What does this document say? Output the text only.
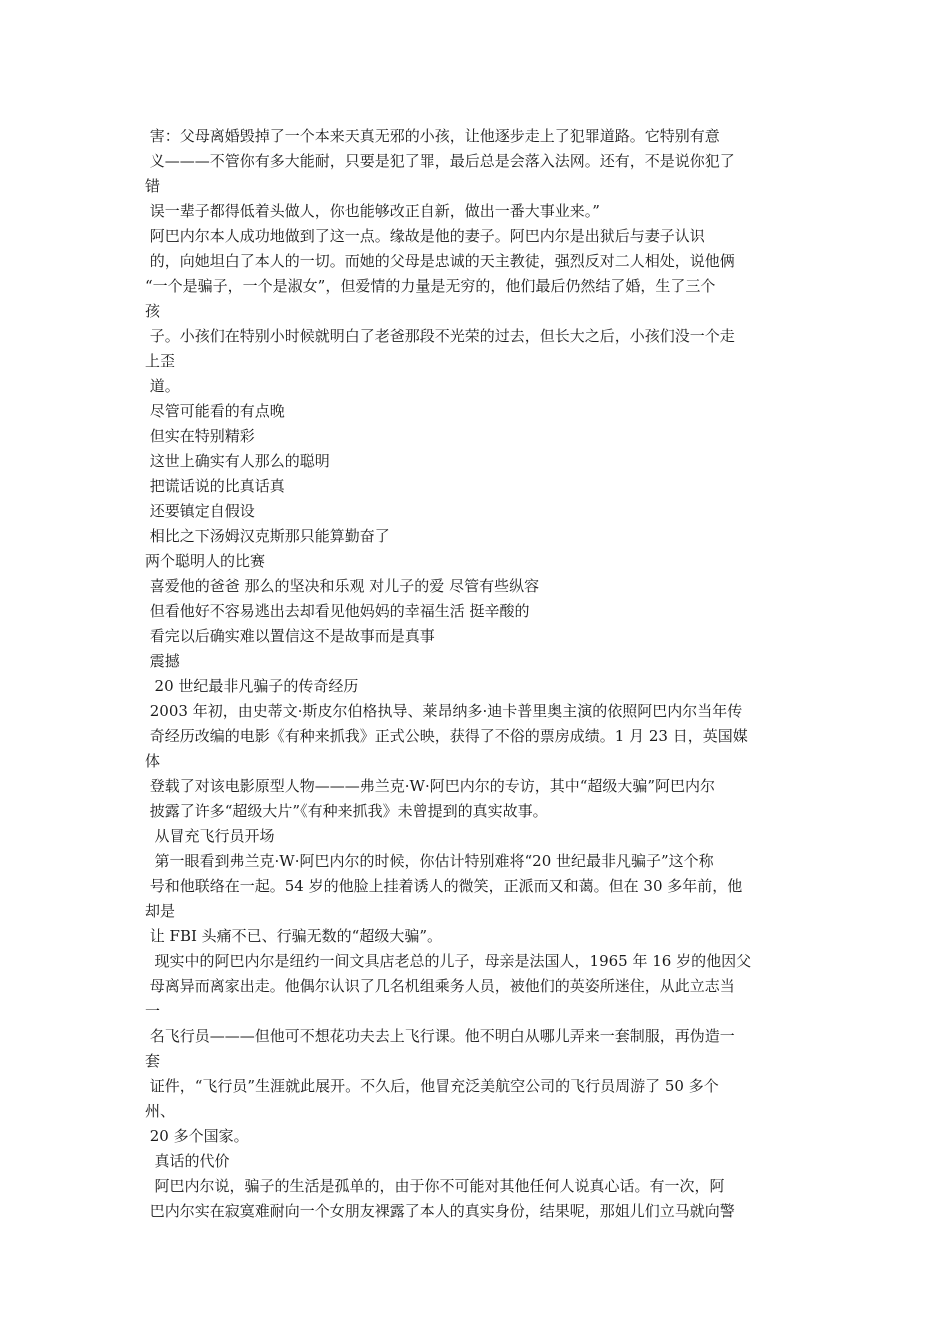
害：父母离婚毁掉了一个本来天真无邪的小孩，让他逐步走上了犯罪道路。它特别有意
义———不管你有多大能耐，只要是犯了罪，最后总是会落入法网。还有，不是说你犯了
错
误一辈子都得低着头做人，你也能够改正自新，做出一番大事业来。”
阿巴内尔本人成功地做到了这一点。缘故是他的妻子。阿巴内尔是出狱后与妻子认识
的，向她坦白了本人的一切。而她的父母是忠诚的天主教徒，强烈反对二人相处，说他俩
“一个是骗子，一个是淑女”，但爱情的力量是无穷的，他们最后仍然结了婚，生了三个
孩
子。小孩们在特别小时候就明白了老爸那段不光荣的过去，但长大之后，小孩们没一个走
上歪
道。
尽管可能看的有点晚
但实在特别精彩
这世上确实有人那么的聪明
把谎话说的比真话真
还要镇定自假设
相比之下汤姆汉克斯那只能算勤奋了
两个聪明人的比赛
喜爱他的爸爸 那么的坚决和乐观 对儿子的爱 尽管有些纵容
但看他好不容易逃出去却看见他妈妈的幸福生活 挺辛酸的
看完以后确实难以置信这不是故事而是真事
震撼
20 世纪最非凡骗子的传奇经历
2003 年初，由史蒂文·斯皮尔伯格执导、莱昂纳多·迪卡普里奥主演的依照阿巴内尔当年传
奇经历改编的电影《有种来抓我》正式公映，获得了不俗的票房成绩。1 月 23 日，英国媒
体
登载了对该电影原型人物———弗兰克·W·阿巴内尔的专访，其中“超级大骗”阿巴内尔
披露了许多“超级大片”《有种来抓我》未曾提到的真实故事。
从冒充飞行员开场
第一眼看到弗兰克·W·阿巴内尔的时候，你估计特别难将“20 世纪最非凡骗子”这个称
号和他联络在一起。54 岁的他脸上挂着诱人的微笑，正派而又和蔼。但在 30 多年前，他
却是
让 FBI 头痛不已、行骗无数的“超级大骗”。
现实中的阿巴内尔是纽约一间文具店老总的儿子，母亲是法国人，1965 年 16 岁的他因父
母离异而离家出走。他偶尔认识了几名机组乘务人员，被他们的英姿所迷住，从此立志当
一
名飞行员———但他可不想花功夫去上飞行课。他不明白从哪儿弄来一套制服，再伪造一
套
证件，“飞行员”生涯就此展开。不久后，他冒充泛美航空公司的飞行员周游了 50 多个
州、
20 多个国家。
真话的代价
阿巴内尔说，骗子的生活是孤单的，由于你不可能对其他任何人说真心话。有一次，阿
巴内尔实在寂寞难耐向一个女朋友裸露了本人的真实身份，结果呢，那姐儿们立马就向警
